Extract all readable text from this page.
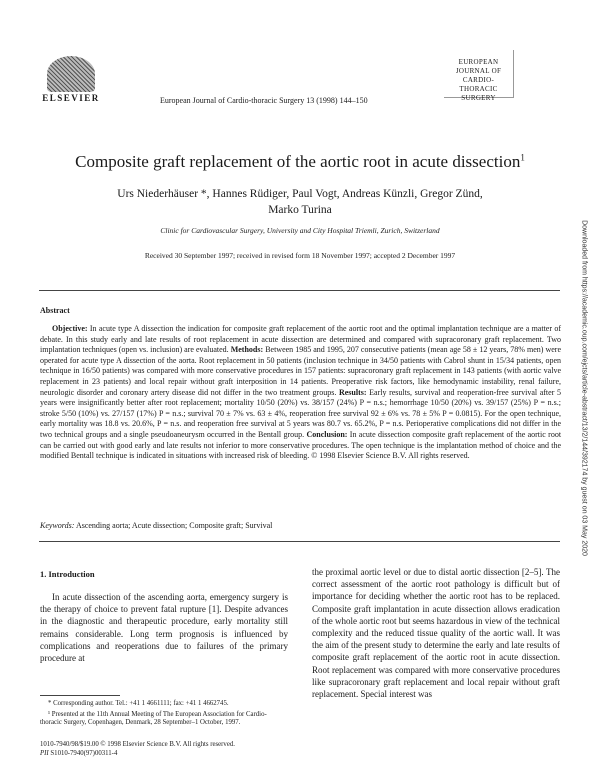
ELSEVIER	European Journal of Cardio-thoracic Surgery 13 (1998) 144–150
EUROPEAN JOURNAL OF
CARDIO-THORACIC
SURGERY
Composite graft replacement of the aortic root in acute dissection$^1$
Urs Niederhäuser *, Hannes Rüdiger, Paul Vogt, Andreas Künzli, Gregor Zünd,
Marko Turina
Clinic for Cardiovascular Surgery, University and City Hospital Triemli, Zurich, Switzerland
Received 30 September 1997; received in revised form 18 November 1997; accepted 2 December 1997
Abstract

Objective: In acute type A dissection the indication for composite graft replacement of the aortic root and the optimal implantation technique are a matter of debate. In this study early and late results of root replacement in acute dissection are determined and compared with supracoronary graft replacement. Two implantation techniques (open vs. inclusion) are evaluated. Methods: Between 1985 and 1995, 207 consecutive patients (mean age 58 ± 12 years, 78% men) were operated for acute type A dissection of the aorta. Root replacement in 50 patients (inclusion technique in 34/50 patients with Cabrol shunt in 15/34 patients, open technique in 16/50 patients) was compared with more conservative procedures in 157 patients: supracoronary graft replacement in 143 patients (with aortic valve replacement in 23 patients) and local repair without graft interposition in 14 patients. Preoperative risk factors, like hemodynamic instability, renal failure, neurologic disorder and coronary artery disease did not differ in the two treatment groups. Results: Early results, survival and reoperation-free survival after 5 years were insignificantly better after root replacement; mortality 10/50 (20%) vs. 38/157 (24%) P = n.s.; hemorrhage 10/50 (20%) vs. 39/157 (25%) P = n.s.; stroke 5/50 (10%) vs. 27/157 (17%) P = n.s.; survival 70 ± 7% vs. 63 ± 4%, reoperation free survival 92 ± 6% vs. 78 ± 5% P = 0.0815). For the open technique, early mortality was 18.8 vs. 20.6%, P = n.s. and reoperation free survival at 5 years was 80.7 vs. 65.2%, P = n.s. Perioperative complications did not differ in the two technical groups and a single pseudoaneurysm occurred in the Bentall group. Conclusion: In acute dissection composite graft replacement of the aortic root can be carried out with good early and late results not inferior to more conservative procedures. The open technique is the implantation method of choice and the modified Bentall technique is indicated in situations with increased risk of bleeding. © 1998 Elsevier Science B.V. All rights reserved.

Keywords: Ascending aorta; Acute dissection; Composite graft; Survival
1. Introduction

In acute dissection of the ascending aorta, emergency surgery is the therapy of choice to prevent fatal rupture [1]. Despite advances in the diagnostic and therapeutic procedure, early mortality still remains considerable. Long term prognosis is influenced by complications and reoperations due to failures of the primary procedure at

the proximal aortic level or due to distal aortic dissection [2–5]. The correct assessment of the aortic root pathology is difficult but of importance for deciding whether the aortic root has to be replaced. Composite graft implantation in acute dissection allows eradication of the whole aortic root but seems hazardous in view of the technical complexity and the reduced tissue quality of the aortic wall. It was the aim of the present study to determine the early and late results of composite graft replacement of the aortic root in acute dissection. Root replacement was compared with more conservative procedures like supracoronary graft replacement and local repair without graft replacement. Special interest was

* Corresponding author. Tel.: +41 1 4661111; fax: +41 1 4662745.

¹ Presented at the 11th Annual Meeting of The European Association for Cardio-thoracic Surgery, Copenhagen, Denmark, 28 September–1 October, 1997.

1010-7940/98/$19.00 © 1998 Elsevier Science B.V. All rights reserved.
PII S1010-7940(97)00311-4
Downloaded from https://academic.oup.com/ejcts/article-abstract/13/2/144/392174 by guest on 03 May 2020
